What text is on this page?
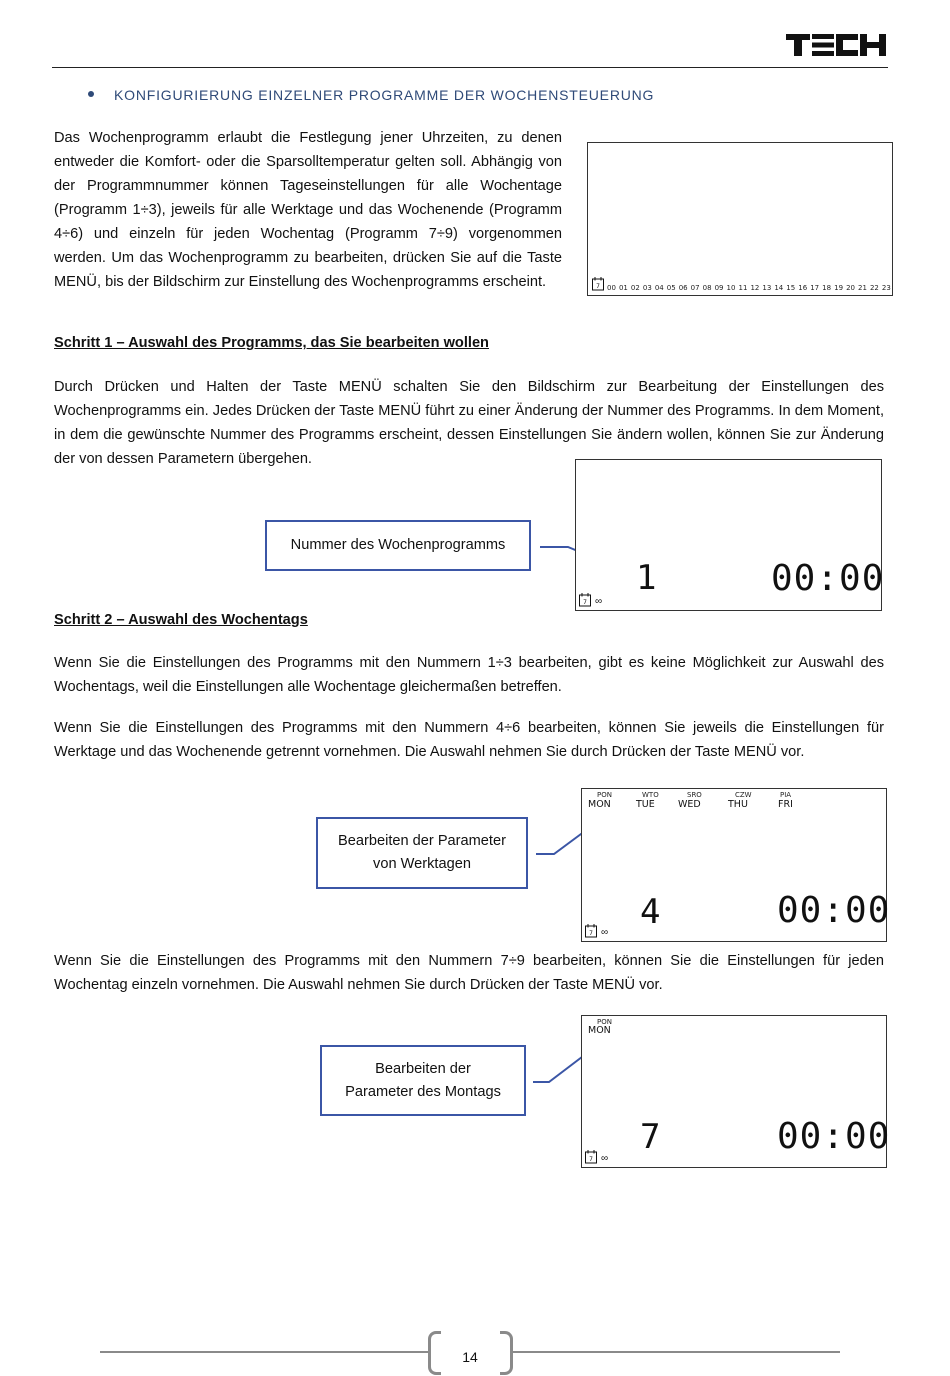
KONFIGURIERUNG EINZELNER PROGRAMME DER WOCHENSTEUERUNG
Das Wochenprogramm erlaubt die Festlegung jener Uhrzeiten, zu denen entweder die Komfort- oder die Sparsolltemperatur gelten soll. Abhängig von der Programmnummer können Tageseinstellungen für alle Wochentage (Programm 1÷3), jeweils für alle Werktage und das Wochenende (Programm 4÷6) und einzeln für jeden Wochentag (Programm 7÷9) vorgenommen werden. Um das Wochenprogramm zu bearbeiten, drücken Sie auf die Taste MENÜ, bis der Bildschirm zur Einstellung des Wochenprogramms erscheint.	7 00 01 02 03 04 05 06 07 08 09 10 11 12 13 14 15 16 17 18 19 20 21 22 23
Schritt 1 – Auswahl des Programms, das Sie bearbeiten wollen
Durch Drücken und Halten der Taste MENÜ schalten Sie den Bildschirm zur Bearbeitung der Einstellungen des Wochenprogramms ein. Jedes Drücken der Taste MENÜ führt zu einer Änderung der Nummer des Programms. In dem Moment, in dem die gewünschte Nummer des Programms erscheint, dessen Einstellungen Sie ändern wollen, können Sie zur Änderung der von dessen Parametern übergehen.
Nummer des Wochenprogramms
1	00:00
7 ∞
Schritt 2 – Auswahl des Wochentags
Wenn Sie die Einstellungen des Programms mit den Nummern 1÷3 bearbeiten, gibt es keine Möglichkeit zur Auswahl des Wochentags, weil die Einstellungen alle Wochentage gleichermaßen betreffen.
Wenn Sie die Einstellungen des Programms mit den Nummern 4÷6 bearbeiten, können Sie jeweils die Einstellungen für Werktage und das Wochenende getrennt vornehmen. Die Auswahl nehmen Sie durch Drücken der Taste MENÜ vor.
Bearbeiten der Parameter
von Werktagen
PON
MON
WTO
TUE
SRO
WED
CZW
THU
PIA
FRI
4	00:00
7 ∞
Wenn Sie die Einstellungen des Programms mit den Nummern 7÷9 bearbeiten, können Sie die Einstellungen für jeden Wochentag einzeln vornehmen. Die Auswahl nehmen Sie durch Drücken der Taste MENÜ vor.
Bearbeiten der
Parameter des Montags
PON
MON
7	00:00
7 ∞
14
